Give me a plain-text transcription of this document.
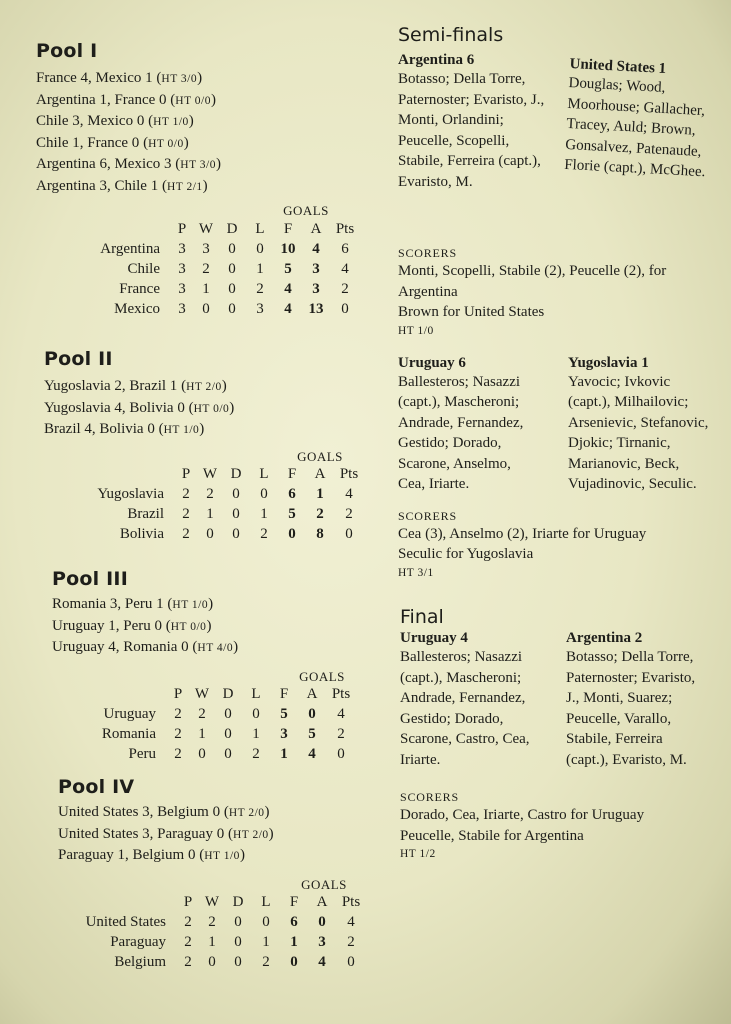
Pool I
France 4, Mexico 1 (HT 3/0)
Argentina 1, France 0 (HT 0/0)
Chile 3, Mexico 0 (HT 1/0)
Chile 1, France 0 (HT 0/0)
Argentina 6, Mexico 3 (HT 3/0)
Argentina 3, Chile 1 (HT 2/1)
GOALS
	P	W	D	L	F	A	Pts
Argentina	3	3	0	0	10	4	6
Chile	3	2	0	1	5	3	4
France	3	1	0	2	4	3	2
Mexico	3	0	0	3	4	13	0
Pool II
Yugoslavia 2, Brazil 1 (HT 2/0)
Yugoslavia 4, Bolivia 0 (HT 0/0)
Brazil 4, Bolivia 0 (HT 1/0)
GOALS
	P	W	D	L	F	A	Pts
Yugoslavia	2	2	0	0	6	1	4
Brazil	2	1	0	1	5	2	2
Bolivia	2	0	0	2	0	8	0
Pool III
Romania 3, Peru 1 (HT 1/0)
Uruguay 1, Peru 0 (HT 0/0)
Uruguay 4, Romania 0 (HT 4/0)
GOALS
	P	W	D	L	F	A	Pts
Uruguay	2	2	0	0	5	0	4
Romania	2	1	0	1	3	5	2
Peru	2	0	0	2	1	4	0
Pool IV
United States 3, Belgium 0 (HT 2/0)
United States 3, Paraguay 0 (HT 2/0)
Paraguay 1, Belgium 0 (HT 1/0)
GOALS
	P	W	D	L	F	A	Pts
United States	2	2	0	0	6	0	4
Paraguay	2	1	0	1	1	3	2
Belgium	2	0	0	2	0	4	0
Semi-finals
Argentina 6
Botasso; Della Torre,
Paternoster; Evaristo, J.,
Monti, Orlandini;
Peucelle, Scopelli,
Stabile, Ferreira (capt.),
Evaristo, M.
United States 1
Douglas; Wood,
Moorhouse; Gallacher,
Tracey, Auld; Brown,
Gonsalvez, Patenaude,
Florie (capt.), McGhee.
SCORERS
Monti, Scopelli, Stabile (2), Peucelle (2), for
Argentina
Brown for United States
HT 1/0
Uruguay 6
Ballesteros; Nasazzi
(capt.), Mascheroni;
Andrade, Fernandez,
Gestido; Dorado,
Scarone, Anselmo,
Cea, Iriarte.
Yugoslavia 1
Yavocic; Ivkovic
(capt.), Milhailovic;
Arsenievic, Stefanovic,
Djokic; Tirnanic,
Marianovic, Beck,
Vujadinovic, Seculic.
SCORERS
Cea (3), Anselmo (2), Iriarte for Uruguay
Seculic for Yugoslavia
HT 3/1
Final
Uruguay 4
Ballesteros; Nasazzi
(capt.), Mascheroni;
Andrade, Fernandez,
Gestido; Dorado,
Scarone, Castro, Cea,
Iriarte.
Argentina 2
Botasso; Della Torre,
Paternoster; Evaristo,
J., Monti, Suarez;
Peucelle, Varallo,
Stabile, Ferreira
(capt.), Evaristo, M.
SCORERS
Dorado, Cea, Iriarte, Castro for Uruguay
Peucelle, Stabile for Argentina
HT 1/2
